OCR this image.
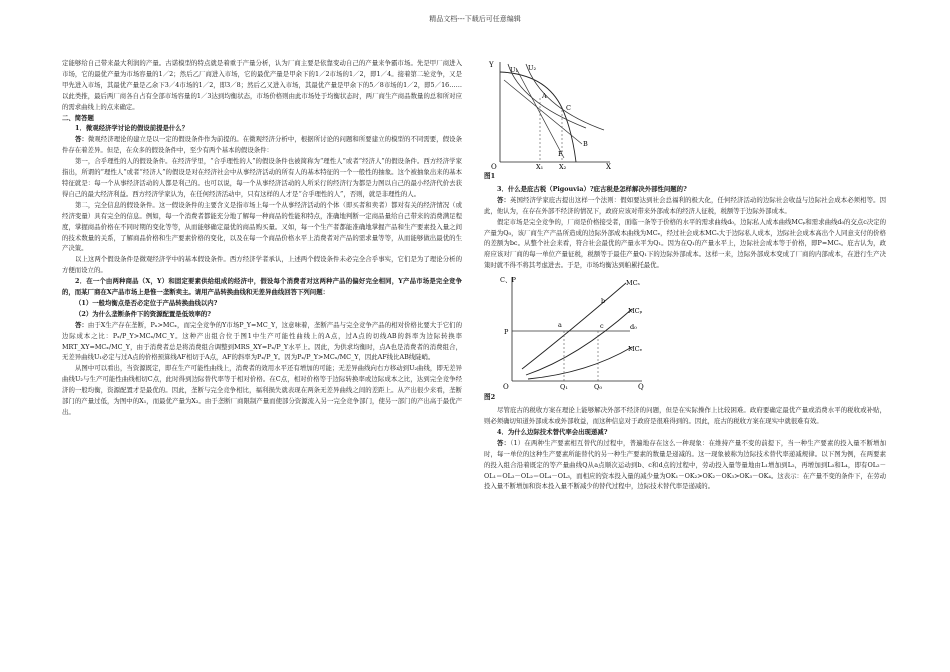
精品文档---下载后可任意编辑

定能够给自己带来最大利润的产量。古诺模型的特点就是着重于产量分析，认为厂商主要是依靠变动自己的产量来争霸市场。先是甲厂商进入市场，它的最优产量为市场容量的1／2；然后乙厂商进入市场，它的最优产量是甲余下的1／2市场的1／2，即1／4。接着第二轮竞争，又是甲先进入市场，其最优产量是乙余下3／4市场的1／2，即3／8；然后乙又进入市场，其最优产量是甲余下的5／8市场的1／2，即5／16……以此类推，最后两厂商各自占有全部市场容量的1／3达到均衡状态，市场价格则由此市场处于均衡状态时，两厂商生产商品数量的总和所对应的需求曲线上的点来确定。

二、简答题

1．微观经济学讨论的假设前提是什么？

答：微观经济理论的建立是以一定的假设条件作为前提的。在微观经济分析中，根据所讨论的问题和所要建立的模型的不同需要，假设条件存在着差异。但是，在众多的假设条件中，至少有两个基本的假设条件：

第一，合乎理性的人的假设条件。在经济学里，“合乎理性的人”的假设条件也被简称为“理性人”或者“经济人”的假设条件。西方经济学家指出，所谓的“理性人”或者“经济人”的假设是对在经济社会中从事经济活动的所有人的基本特征的一个一般性的抽象。这个被抽象出来的基本特征就是：每一个从事经济活动的人都是利己的。也可以说，每一个从事经济活动的人所采行的经济行为都是力图以自己的最小经济代价去获得自己的最大经济利益。西方经济学家认为，在任何经济活动中，只有这样的人才是“合乎理性的人”，否则，就是非理性的人。

第二，完全信息的假设条件。这一假设条件的主要含义是指市场上每一个从事经济活动的个体（即买者和卖者）都对有关的经济情况（或经济变量）具有完全的信息。例如，每一个消费者都能充分地了解每一种商品的性能和特点，准确地判断一定商品量给自己带来的消费满足程度，掌握商品价格在不同时期的变化等等，从而能够确定最优的商品购买量。又如，每一个生产者都能准确地掌握产品和生产要素投入量之间的技术数量的关系，了解商品价格和生产要素价格的变化，以及在每一个商品价格水平上消费者对产品的需求量等等，从而能够做出最优的生产决策。

以上这两个假设条件是微观经济学中的基本假设条件。西方经济学者承认，上述两个假设条件未必完全合乎事实，它们是为了理论分析的方便而设立的。

2．在一个由两种商品（X，Y）和固定要素供给组成的经济中，假设每个消费者对这两种产品的偏好完全相同，Y产品市场是完全竞争的，而某厂商在X产品市场上是惟一垄断卖主。请用产品转换曲线和无差异曲线回答下列问题：

（1）一般均衡点是否必定位于产品转换曲线以内?

（2）为什么垄断条件下的资源配置是低效率的?

答：由于X生产存在垄断，Pₓ>MCₓ，而完全竞争的Y市场P_Y=MC_Y，这意味着，垄断产品与完全竞争产品的相对价格比要大于它们的边际成本之比：Pₓ/P_Y>MCₓ/MC_Y。这种产出组合位于图1中生产可能性曲线上的A点，过A点的切线AB的斜率为边际转换率MRT_XY=MCₓ/MC_Y，由于消费者总是将消费组合调整到MRS_XY=Pₓ/P_Y水平上。因此，为供求均衡时，点A也是消费者的消费组合，无差异曲线U₁必定与过A点的价格预算线AF相切于A点，AF的斜率为Pₓ/P_Y。因为Pₓ/P_Y>MCₓ/MC_Y，因此AF线比AB线陡峭。

从图中可以看出，当资源既定，即在生产可能性曲线上，消费者的效用水平还有增加的可能；无差异曲线向右方移动到U₂曲线，即无差异曲线U₂与生产可能性曲线相切C点，此时得到边际替代率等于相对价格。在C点，相对价格等于边际转换率或边际成本之比，达到完全竞争经济的一般均衡，资源配置才是最优的。因此，垄断与完全竞争相比，福利损失就表现在两条无差异曲线之间的差距上。从产出很少来看，垄断部门的产量过低，为图中的X₁，而最优产量为X₂。由于垄断厂商限制产量而使部分资源流入另一完全竞争部门，使另一部门的产出高于最优产出。

Y
X
O
U₁ U₂
A
C
B
F
X₁ X₂

图1

3．什么是庇古税（Pigouvia）?庇古税是怎样解决外部性问题的?

答：英国经济学家庇古提出这样一个法则：假如要达到社会总福利的极大化，任何经济活动的边际社会收益与边际社会成本必须相等。因此，他认为，在存在外部不经济的情况下，政府应该对带来外部成本的经济人征税，税额等于边际外部成本。

假定市场是完全竞争的，厂商是价格接受者，面临一条等于价格的水平的需求曲线d₀，边际私人成本曲线MCₚ和需求曲线d₀的交点c决定的产量为Q₀，该厂商生产产品所造成的边际外部成本曲线为MCₑ，经过社会成本MCₛ大于边际私人成本，边际社会成本高出个人同意支付的价格的差额为bc。从整个社会来看，符合社会最优的产量水平为Q₁。因为在Q₁的产量水平上，边际社会成本等于价格，即P=MCₛ。庇古认为，政府应该对厂商的每一单位产量征税，税额等于最佳产量Q₁下的边际外部成本。这样一来，边际外部成本变成了厂商的内部成本，在进行生产决策时就不得不将其考虑进去。于是，市场均衡达到帕累托最优。

C、P
Q
O
MCₛ
MCₚ
MCₑ
d₀
a
b
c
P
Q₁	Q₀

图2

尽管庇古的税收方案在理论上能够解决外部不经济的问题，但是在实际操作上比较困难。政府要确定最优产量或消费水平的税收或补贴，则必须确切知道外部成本或外部收益，而这种信息对于政府是很难得到的。因此，庇古的税收方案在现实中就很难有效。

4．为什么边际技术替代率会出现递减?

答：（1）在两种生产要素相互替代的过程中，普遍地存在这么一种现象：在维持产量不变的前提下，当一种生产要素的投入量不断增加时，每一单位的这种生产要素所能替代的另一种生产要素的数量是递减的。这一现象被称为边际技术替代率递减规律。以下图为例，在两要素的投入组合沿着既定的等产量曲线Q从a点顺次运动到b、c和d点的过程中，劳动投入量等量地由L₁增加到L₂，再增加到L₃和L₄，即有OL₂－OL₁＝OL₃－OL₂＝OL₄－OL₃，而相应的资本投入量的减少量为OK₁－OK₂>OK₂－OK₃>OK₃－OK₄。这表示：在产量不变的条件下，在劳动投入量不断增加和资本投入量不断减少的替代过程中，边际技术替代率是递减的。
